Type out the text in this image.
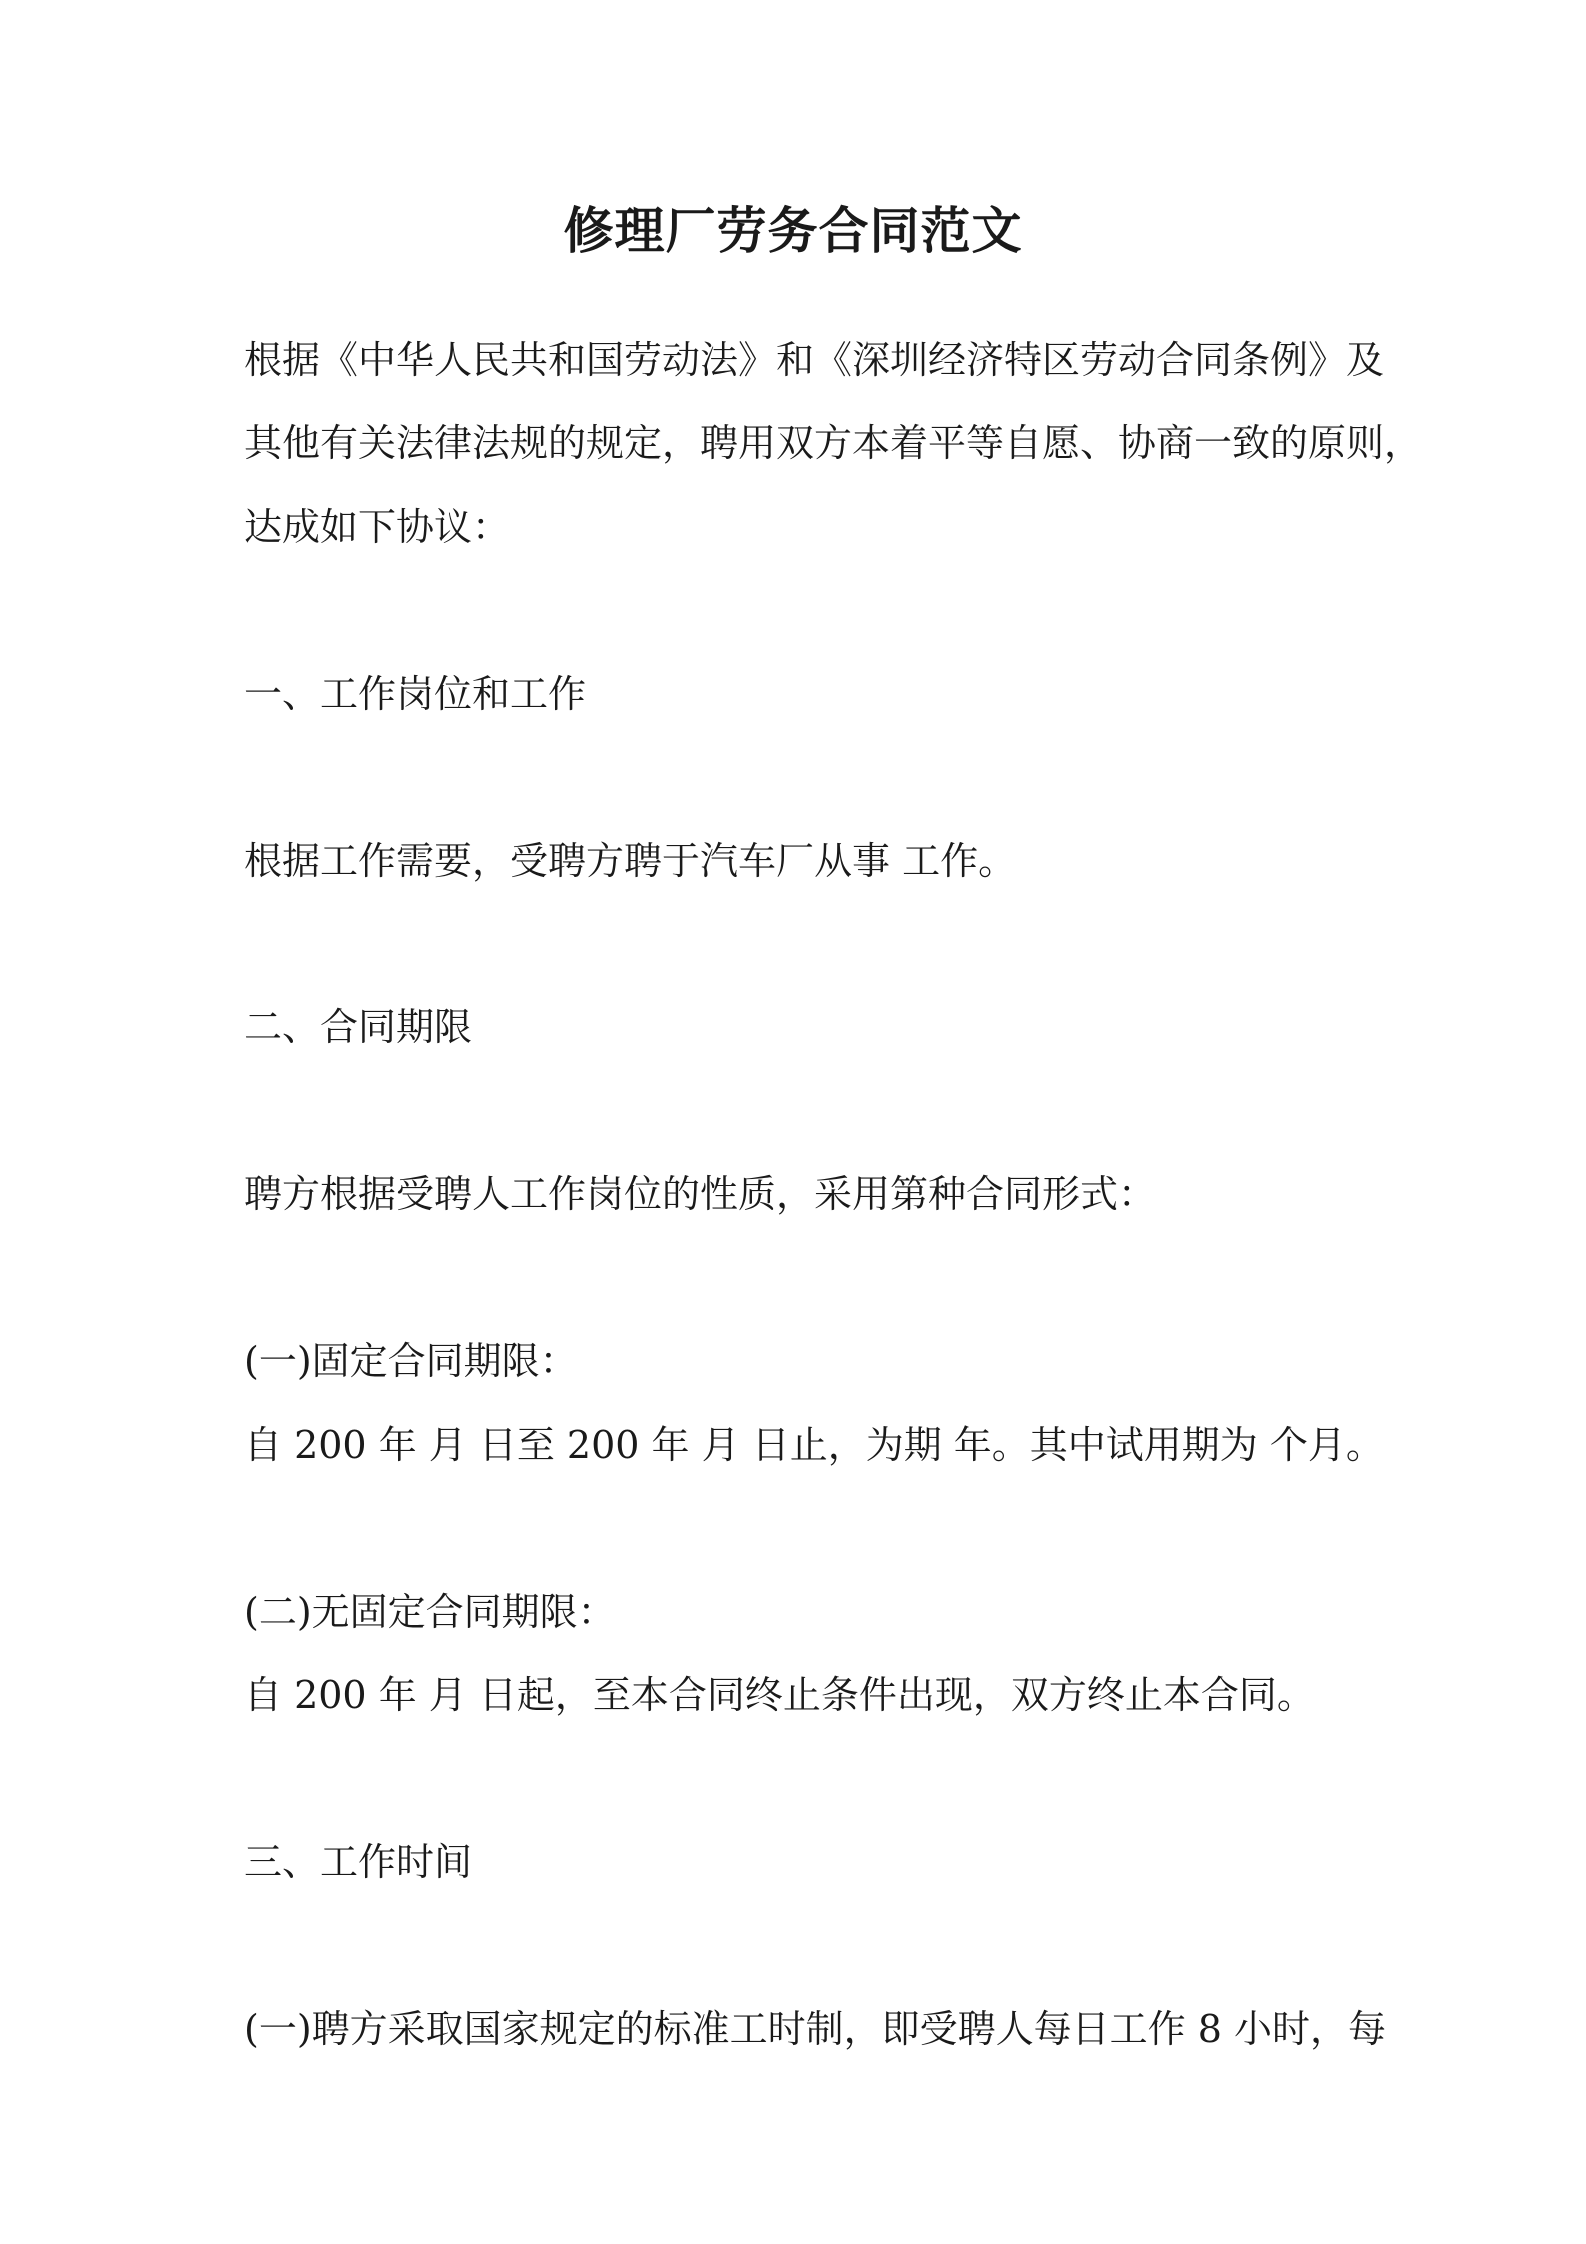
修理厂劳务合同范文

根据《中华人民共和国劳动法》和《深圳经济特区劳动合同条例》及

其他有关法律法规的规定，聘用双方本着平等自愿、协商一致的原则，

达成如下协议：

一、工作岗位和工作

根据工作需要，受聘方聘于汽车厂从事 工作。

二、合同期限

聘方根据受聘人工作岗位的性质，采用第种合同形式：

(一)固定合同期限：

自 200 年 月 日至 200 年 月 日止，为期 年。其中试用期为 个月。

(二)无固定合同期限：

自 200 年 月 日起，至本合同终止条件出现，双方终止本合同。

三、工作时间

(一)聘方采取国家规定的标准工时制，即受聘人每日工作 8 小时，每
